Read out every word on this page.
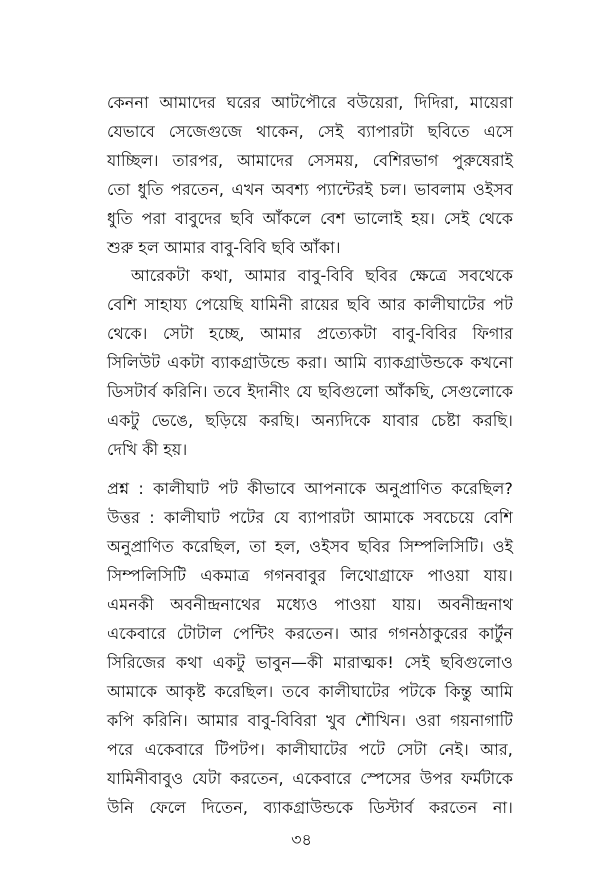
কেননা আমাদের ঘরের আটপৌরে বউয়েরা, দিদিরা, মায়েরা
যেভাবে সেজেগুজে থাকেন, সেই ব্যাপারটা ছবিতে এসে
যাচ্ছিল। তারপর, আমাদের সেসময়, বেশিরভাগ পুরুষেরাই
তো ধুতি পরতেন, এখন অবশ্য প্যান্টেরই চল। ভাবলাম ওইসব
ধুতি পরা বাবুদের ছবি আঁকলে বেশ ভালোই হয়। সেই থেকে
শুরু হল আমার বাবু-বিবি ছবি আঁকা।
আরেকটা কথা, আমার বাবু-বিবি ছবির ক্ষেত্রে সবথেকে
বেশি সাহায্য পেয়েছি যামিনী রায়ের ছবি আর কালীঘাটের পট
থেকে। সেটা হচ্ছে, আমার প্রত্যেকটা বাবু-বিবির ফিগার
সিলিউট একটা ব্যাকগ্রাউন্ডে করা। আমি ব্যাকগ্রাউন্ডকে কখনো
ডিসটার্ব করিনি। তবে ইদানীং যে ছবিগুলো আঁকছি, সেগুলোকে
একটু ভেঙে, ছড়িয়ে করছি। অন্যদিকে যাবার চেষ্টা করছি।
দেখি কী হয়।
প্রশ্ন : কালীঘাট পট কীভাবে আপনাকে অনুপ্রাণিত করেছিল?
উত্তর : কালীঘাট পটের যে ব্যাপারটা আমাকে সবচেয়ে বেশি
অনুপ্রাণিত করেছিল, তা হল, ওইসব ছবির সিম্পলিসিটি। ওই
সিম্পলিসিটি একমাত্র গগনবাবুর লিথোগ্রাফে পাওয়া যায়।
এমনকী অবনীন্দ্রনাথের মধ্যেও পাওয়া যায়। অবনীন্দ্রনাথ
একেবারে টোটাল পেন্টিং করতেন। আর গগনঠাকুরের কার্টুন
সিরিজের কথা একটু ভাবুন—কী মারাত্মক! সেই ছবিগুলোও
আমাকে আকৃষ্ট করেছিল। তবে কালীঘাটের পটকে কিন্তু আমি
কপি করিনি। আমার বাবু-বিবিরা খুব শৌখিন। ওরা গয়নাগাটি
পরে একেবারে টিপটপ। কালীঘাটের পটে সেটা নেই। আর,
যামিনীবাবুও যেটা করতেন, একেবারে স্পেসের উপর ফর্মটাকে
উনি ফেলে দিতেন, ব্যাকগ্রাউন্ডকে ডিস্টার্ব করতেন না।
৩৪
